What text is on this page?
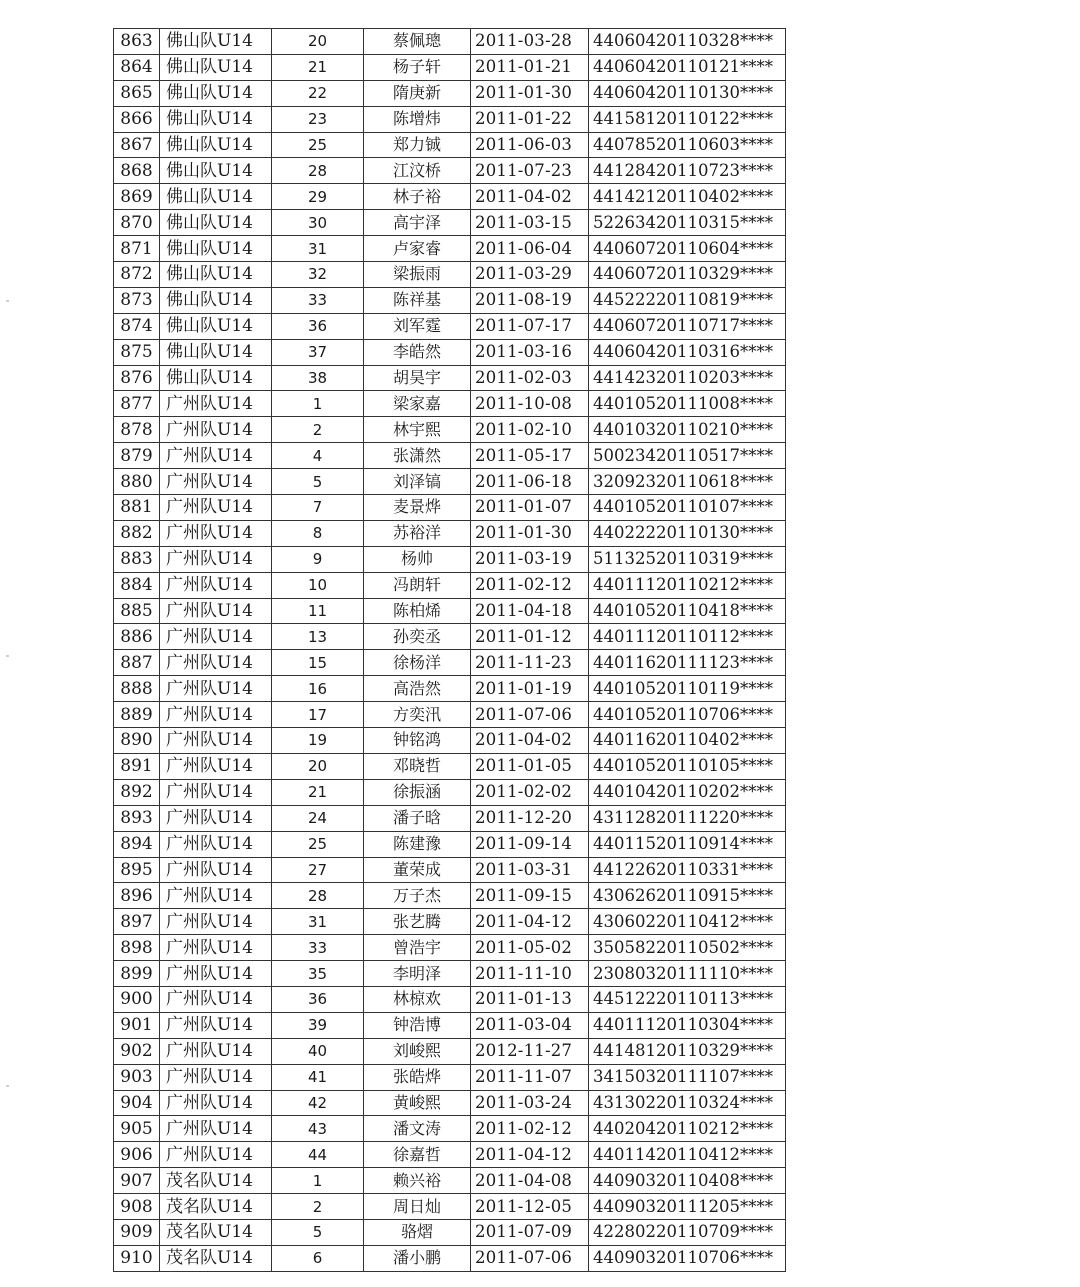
863	佛山队U14	20	蔡佩璁	2011-03-28	44060420110328****
864	佛山队U14	21	杨子轩	2011-01-21	44060420110121****
865	佛山队U14	22	隋庚新	2011-01-30	44060420110130****
866	佛山队U14	23	陈增炜	2011-01-22	44158120110122****
867	佛山队U14	25	郑力铖	2011-06-03	44078520110603****
868	佛山队U14	28	江汶桥	2011-07-23	44128420110723****
869	佛山队U14	29	林子裕	2011-04-02	44142120110402****
870	佛山队U14	30	高宇泽	2011-03-15	52263420110315****
871	佛山队U14	31	卢家睿	2011-06-04	44060720110604****
872	佛山队U14	32	梁振雨	2011-03-29	44060720110329****
873	佛山队U14	33	陈祥基	2011-08-19	44522220110819****
874	佛山队U14	36	刘军霆	2011-07-17	44060720110717****
875	佛山队U14	37	李皓然	2011-03-16	44060420110316****
876	佛山队U14	38	胡昊宇	2011-02-03	44142320110203****
877	广州队U14	1	梁家嘉	2011-10-08	44010520111008****
878	广州队U14	2	林宇熙	2011-02-10	44010320110210****
879	广州队U14	4	张潇然	2011-05-17	50023420110517****
880	广州队U14	5	刘泽镐	2011-06-18	32092320110618****
881	广州队U14	7	麦景烨	2011-01-07	44010520110107****
882	广州队U14	8	苏裕洋	2011-01-30	44022220110130****
883	广州队U14	9	杨帅	2011-03-19	51132520110319****
884	广州队U14	10	冯朗轩	2011-02-12	44011120110212****
885	广州队U14	11	陈柏烯	2011-04-18	44010520110418****
886	广州队U14	13	孙奕丞	2011-01-12	44011120110112****
887	广州队U14	15	徐杨洋	2011-11-23	44011620111123****
888	广州队U14	16	高浩然	2011-01-19	44010520110119****
889	广州队U14	17	方奕汛	2011-07-06	44010520110706****
890	广州队U14	19	钟铭鸿	2011-04-02	44011620110402****
891	广州队U14	20	邓晓哲	2011-01-05	44010520110105****
892	广州队U14	21	徐振涵	2011-02-02	44010420110202****
893	广州队U14	24	潘子晗	2011-12-20	43112820111220****
894	广州队U14	25	陈建豫	2011-09-14	44011520110914****
895	广州队U14	27	董荣成	2011-03-31	44122620110331****
896	广州队U14	28	万子杰	2011-09-15	43062620110915****
897	广州队U14	31	张艺腾	2011-04-12	43060220110412****
898	广州队U14	33	曾浩宇	2011-05-02	35058220110502****
899	广州队U14	35	李明泽	2011-11-10	23080320111110****
900	广州队U14	36	林椋欢	2011-01-13	44512220110113****
901	广州队U14	39	钟浩博	2011-03-04	44011120110304****
902	广州队U14	40	刘峻熙	2012-11-27	44148120110329****
903	广州队U14	41	张皓烨	2011-11-07	34150320111107****
904	广州队U14	42	黄峻熙	2011-03-24	43130220110324****
905	广州队U14	43	潘文涛	2011-02-12	44020420110212****
906	广州队U14	44	徐嘉哲	2011-04-12	44011420110412****
907	茂名队U14	1	赖兴裕	2011-04-08	44090320110408****
908	茂名队U14	2	周日灿	2011-12-05	44090320111205****
909	茂名队U14	5	骆熠	2011-07-09	42280220110709****
910	茂名队U14	6	潘小鹏	2011-07-06	44090320110706****
